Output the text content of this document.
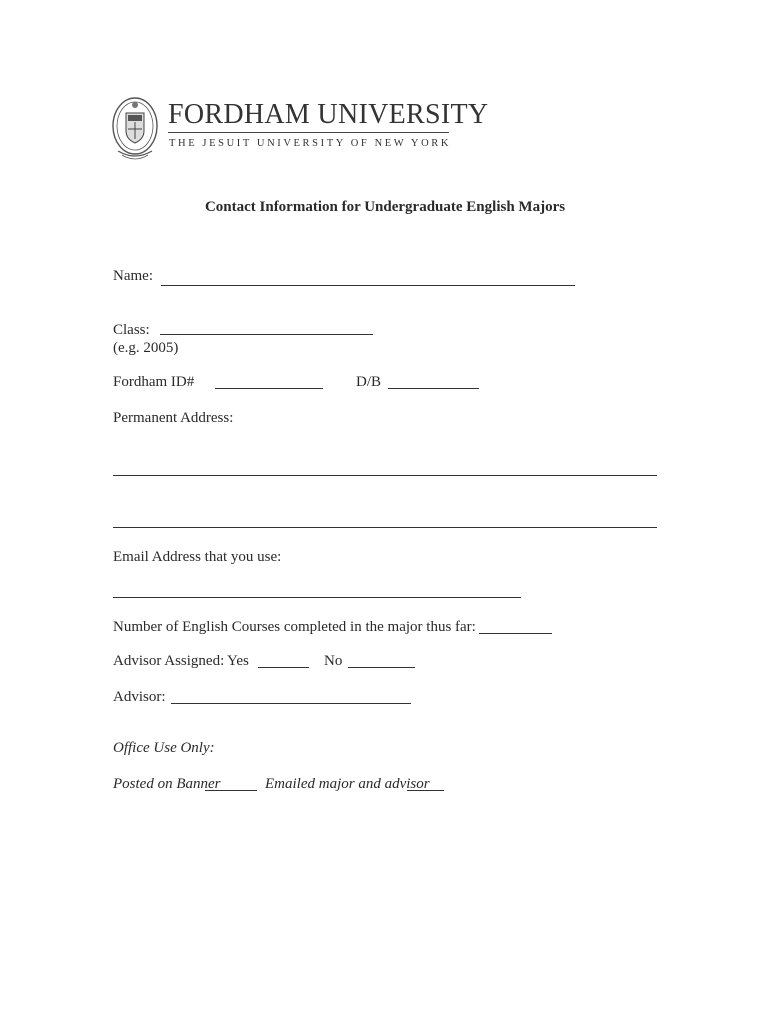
FORDHAM UNIVERSITY
THE JESUIT UNIVERSITY OF NEW YORK
Contact Information for Undergraduate English Majors
Name:
Class:
(e.g. 2005)
Fordham ID#	D/B
Permanent Address:
Email Address that you use:
Number of English Courses completed in the major thus far:
Advisor Assigned: Yes	No
Advisor:
Office Use Only:
Posted on Banner	Emailed major and advisor
